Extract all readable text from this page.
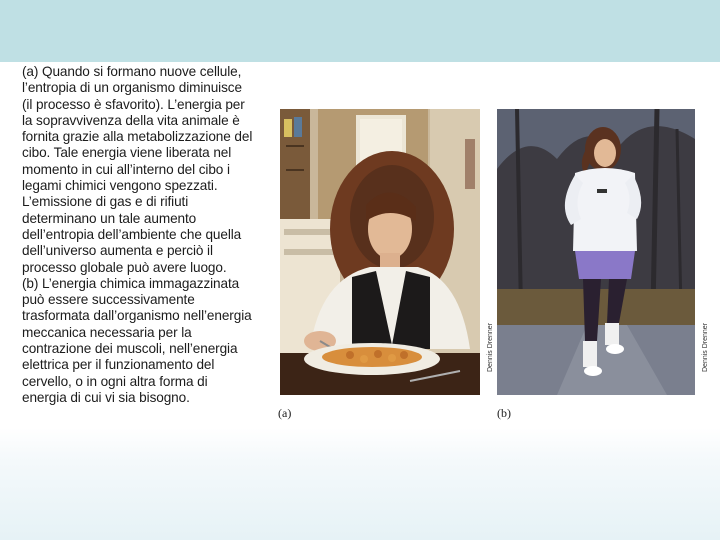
(a) Quando si formano nuove cellule, l’entropia di un organismo diminuisce (il processo è sfavorito). L’energia per la sopravvivenza della vita animale è fornita grazie alla metabolizzazione del cibo. Tale energia viene liberata nel momento in cui all’interno del cibo i legami chimici vengono spezzati. L’emissione di gas e di rifiuti determinano un tale aumento dell’entropia dell’ambiente che quella dell’universo aumenta e perciò il processo globale può avere luogo.

(b) L’energia chimica immagazzinata può essere successivamente trasformata dall’organismo nell’energia meccanica necessaria per la contrazione dei muscoli, nell’energia elettrica per il funzionamento del cervello, o in ogni altra forma di energia di cui vi sia bisogno.

Dennis Drenner	Dennis Drenner
(a)	(b)
